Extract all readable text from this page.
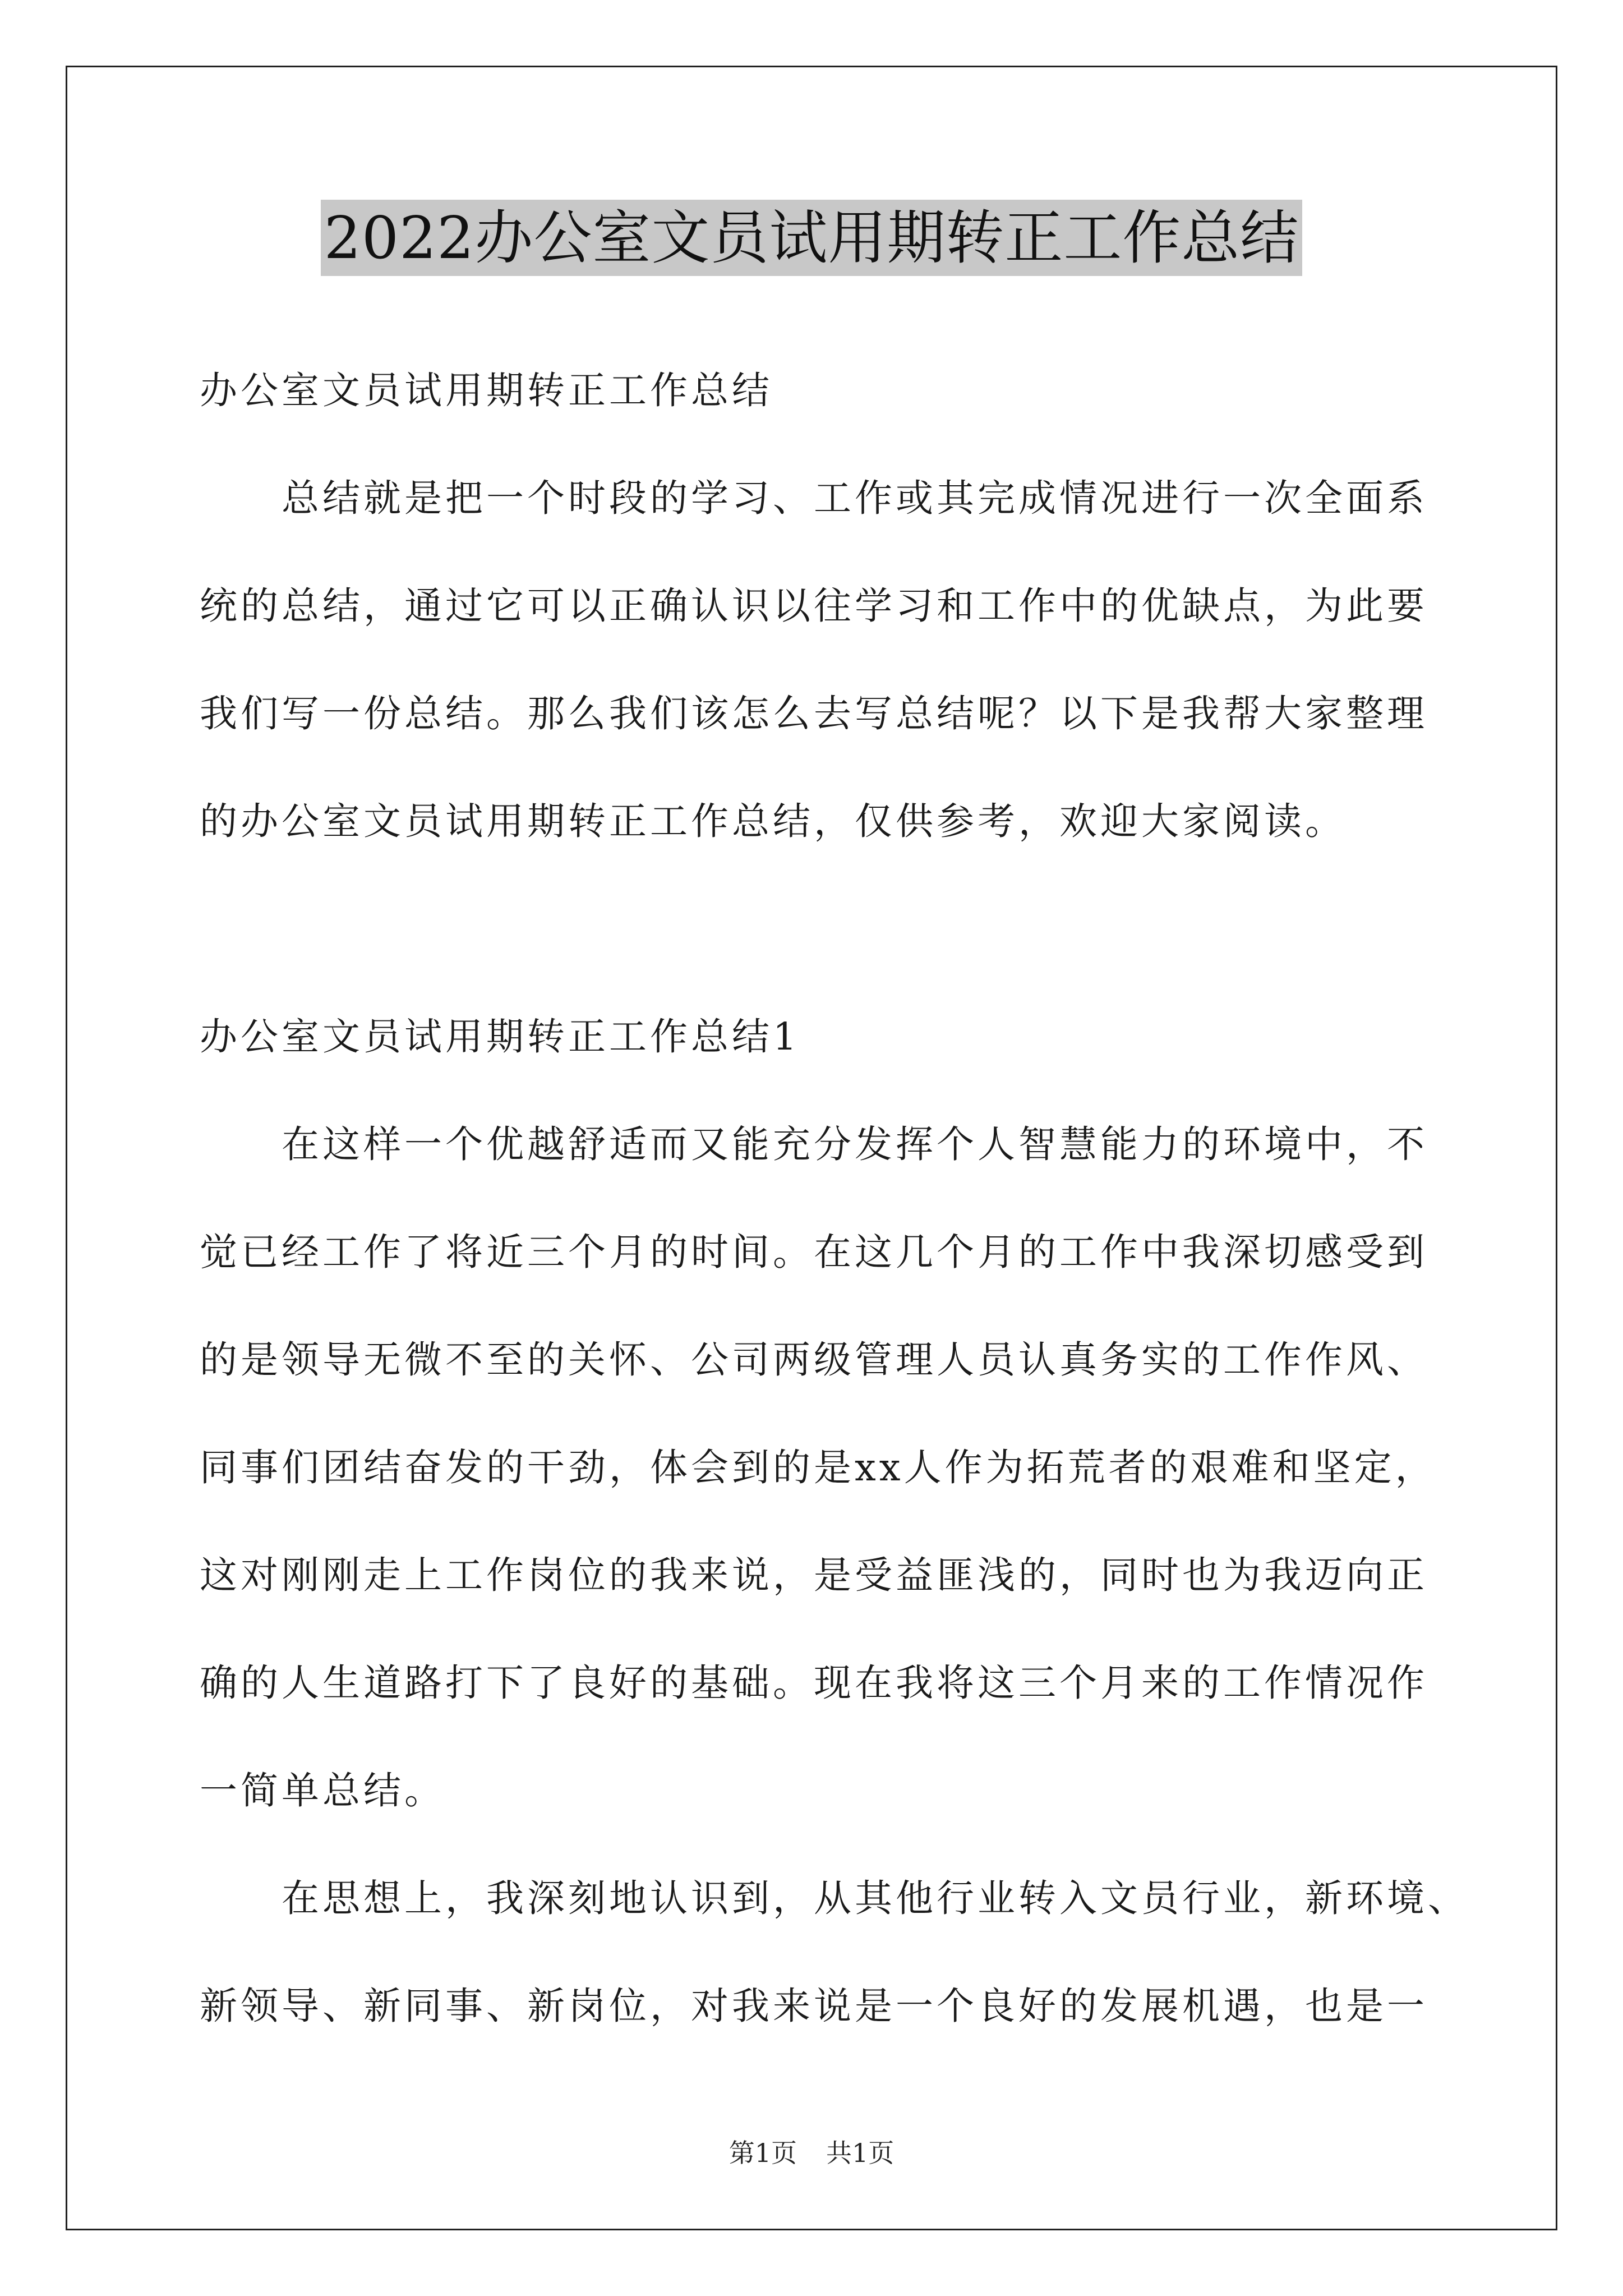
2022办公室文员试用期转正工作总结
办公室文员试用期转正工作总结
总结就是把一个时段的学习、工作或其完成情况进行一次全面系
统的总结，通过它可以正确认识以往学习和工作中的优缺点，为此要
我们写一份总结。那么我们该怎么去写总结呢？以下是我帮大家整理
的办公室文员试用期转正工作总结，仅供参考，欢迎大家阅读。
办公室文员试用期转正工作总结1
在这样一个优越舒适而又能充分发挥个人智慧能力的环境中，不
觉已经工作了将近三个月的时间。在这几个月的工作中我深切感受到
的是领导无微不至的关怀、公司两级管理人员认真务实的工作作风、
同事们团结奋发的干劲，体会到的是xx人作为拓荒者的艰难和坚定，
这对刚刚走上工作岗位的我来说，是受益匪浅的，同时也为我迈向正
确的人生道路打下了良好的基础。现在我将这三个月来的工作情况作
一简单总结。
在思想上，我深刻地认识到，从其他行业转入文员行业，新环境、
新领导、新同事、新岗位，对我来说是一个良好的发展机遇，也是一
第1页 共1页
